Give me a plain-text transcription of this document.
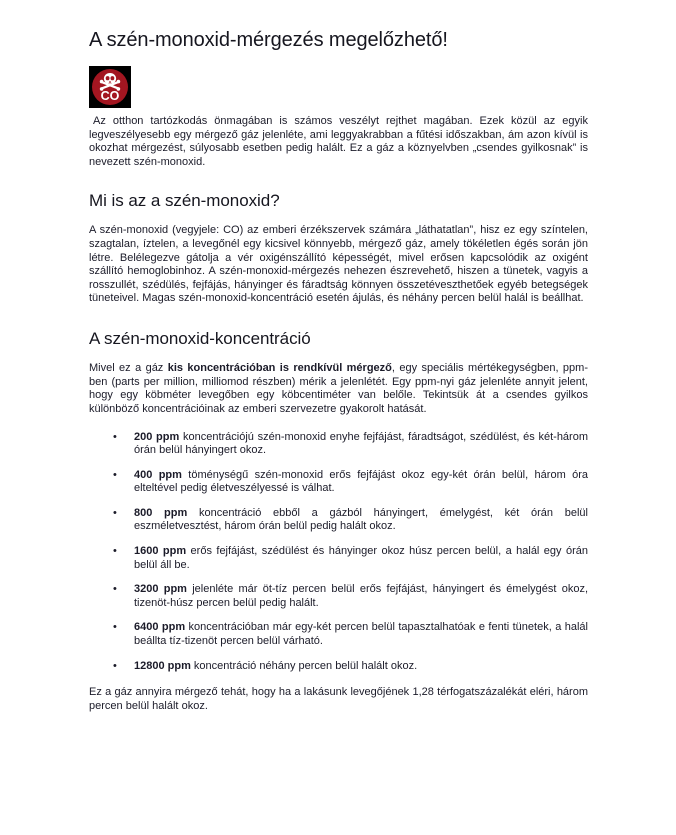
A szén-monoxid-mérgezés megelőzhető!
CO

Az otthon tartózkodás önmagában is számos veszélyt rejthet magában. Ezek közül az egyik legveszélyesebb egy mérgező gáz jelenléte, ami leggyakrabban a fűtési időszakban, ám azon kívül is okozhat mérgezést, súlyosabb esetben pedig halált. Ez a gáz a köznyelvben „csendes gyilkosnak” is nevezett szén-monoxid.

Mi is az a szén-monoxid?

A szén-monoxid (vegyjele: CO) az emberi érzékszervek számára „láthatatlan”, hisz ez egy színtelen, szagtalan, íztelen, a levegőnél egy kicsivel könnyebb, mérgező gáz, amely tökéletlen égés során jön létre. Belélegezve gátolja a vér oxigénszállító képességét, mivel erősen kapcsolódik az oxigént szállító hemoglobinhoz. A szén-monoxid-mérgezés nehezen észrevehető, hiszen a tünetek, vagyis a rosszullét, szédülés, fejfájás, hányinger és fáradtság könnyen összetéveszthetőek egyéb betegségek tüneteivel. Magas szén-monoxid-koncentráció esetén ájulás, és néhány percen belül halál is beállhat.

A szén-monoxid-koncentráció

Mivel ez a gáz kis koncentrációban is rendkívül mérgező, egy speciális mértékegységben, ppm-ben (parts per million, milliomod részben) mérik a jelenlétét. Egy ppm-nyi gáz jelenléte annyit jelent, hogy egy köbméter levegőben egy köbcentiméter van belőle. Tekintsük át a csendes gyilkos különböző koncentrációinak az emberi szervezetre gyakorolt hatását.

• 200 ppm koncentrációjú szén-monoxid enyhe fejfájást, fáradtságot, szédülést, és két-három órán belül hányingert okoz.
• 400 ppm töménységű szén-monoxid erős fejfájást okoz egy-két órán belül, három óra elteltével pedig életveszélyessé is válhat.
• 800 ppm koncentráció ebből a gázból hányingert, émelygést, két órán belül eszméletvesztést, három órán belül pedig halált okoz.
• 1600 ppm erős fejfájást, szédülést és hányinger okoz húsz percen belül, a halál egy órán belül áll be.
• 3200 ppm jelenléte már öt-tíz percen belül erős fejfájást, hányingert és émelygést okoz, tizenöt-húsz percen belül pedig halált.
• 6400 ppm koncentrációban már egy-két percen belül tapasztalhatóak e fenti tünetek, a halál beállta tíz-tizenöt percen belül várható.
• 12800 ppm koncentráció néhány percen belül halált okoz.

Ez a gáz annyira mérgező tehát, hogy ha a lakásunk levegőjének 1,28 térfogatszázalékát eléri, három percen belül halált okoz.
